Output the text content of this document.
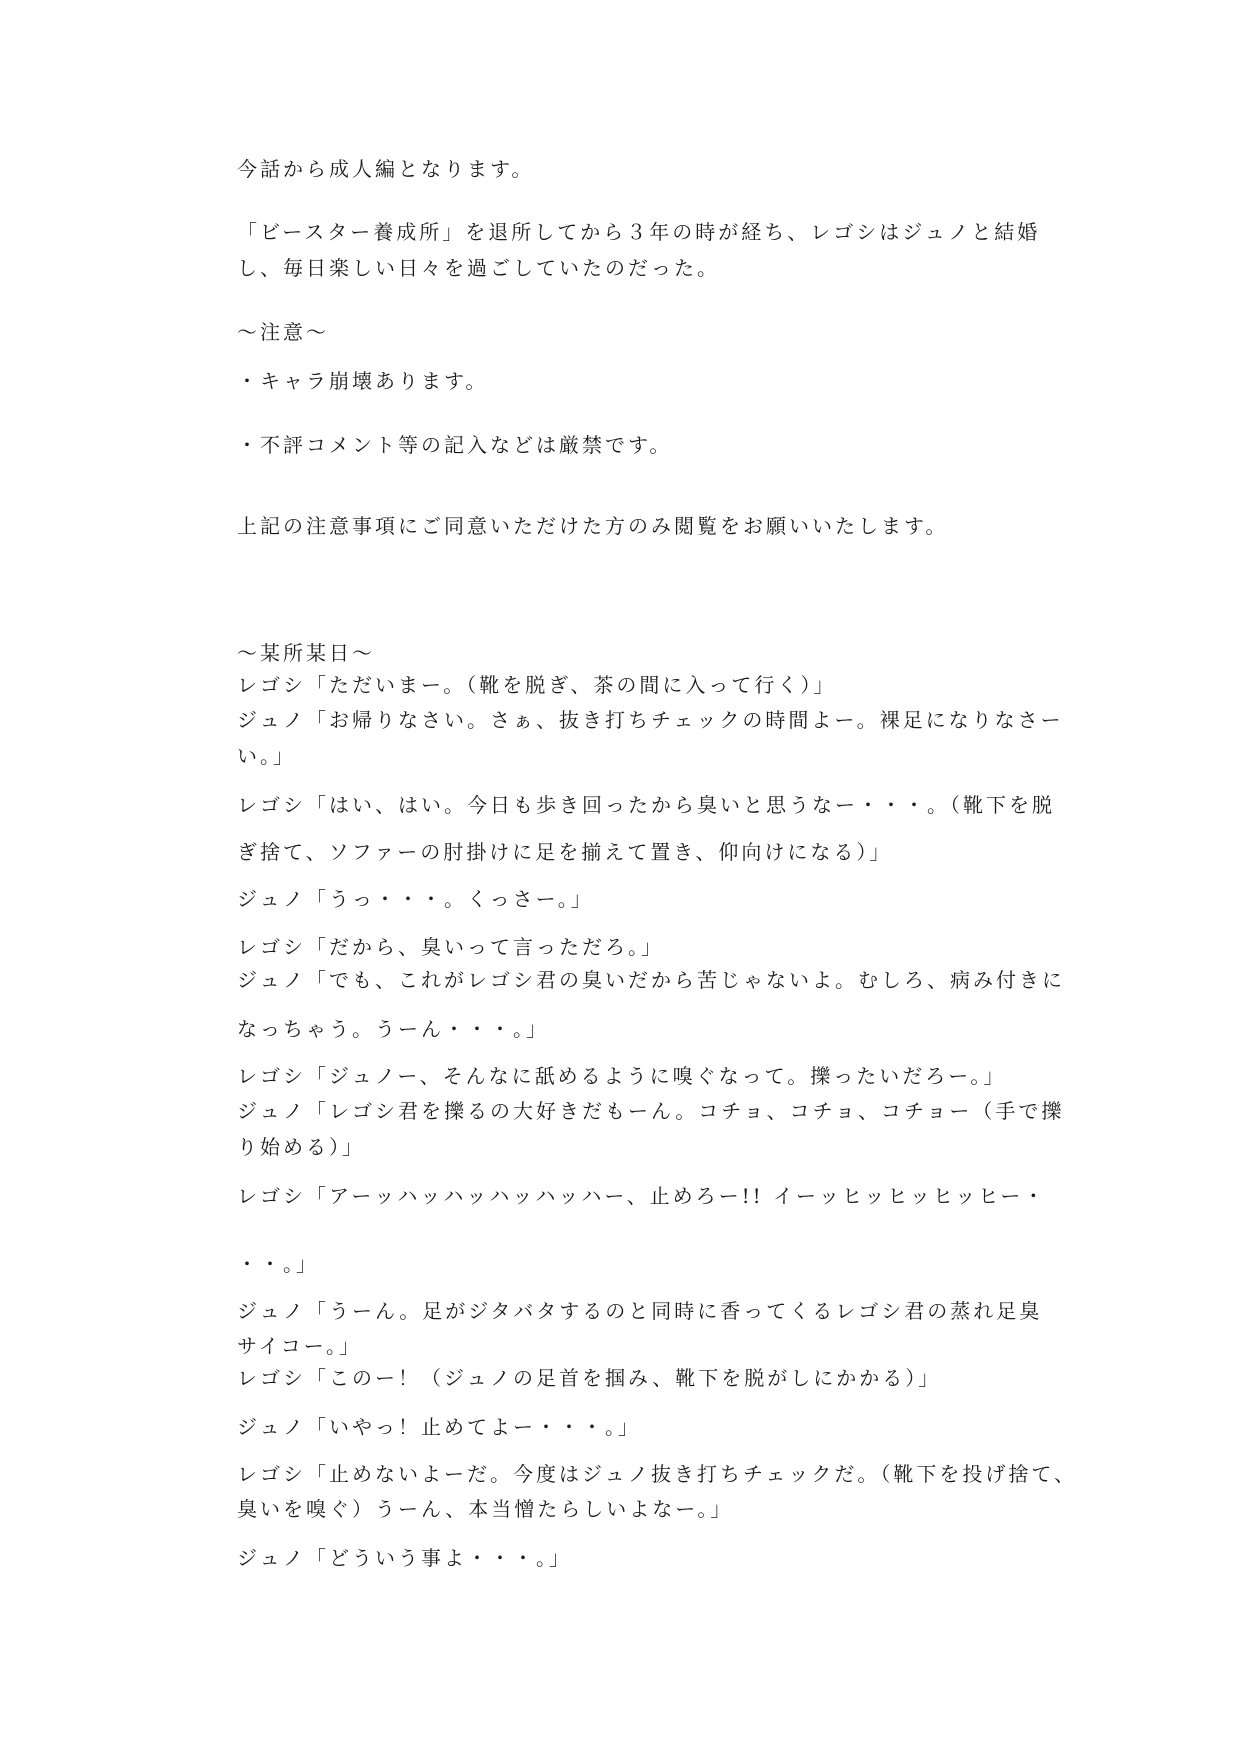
今話から成人編となります。
「ビースター養成所」を退所してから３年の時が経ち、レゴシはジュノと結婚
し、毎日楽しい日々を過ごしていたのだった。
～注意～
・キャラ崩壊あります。
・不評コメント等の記入などは厳禁です。
上記の注意事項にご同意いただけた方のみ閲覧をお願いいたします。
～某所某日～
レゴシ「ただいまー。（靴を脱ぎ、茶の間に入って行く）」
ジュノ「お帰りなさい。さぁ、抜き打ちチェックの時間よー。裸足になりなさー
い。」
レゴシ「はい、はい。今日も歩き回ったから臭いと思うなー・・・。（靴下を脱
ぎ捨て、ソファーの肘掛けに足を揃えて置き、仰向けになる）」
ジュノ「うっ・・・。くっさー。」
レゴシ「だから、臭いって言っただろ。」
ジュノ「でも、これがレゴシ君の臭いだから苦じゃないよ。むしろ、病み付きに
なっちゃう。うーん・・・。」
レゴシ「ジュノー、そんなに舐めるように嗅ぐなって。擽ったいだろー。」
ジュノ「レゴシ君を擽るの大好きだもーん。コチョ、コチョ、コチョー（手で擽
り始める）」
レゴシ「アーッハッハッハッハッハー、止めろー!! イーッヒッヒッヒッヒー・
・・。」
ジュノ「うーん。足がジタバタするのと同時に香ってくるレゴシ君の蒸れ足臭
サイコー。」
レゴシ「このー！（ジュノの足首を掴み、靴下を脱がしにかかる）」
ジュノ「いやっ！止めてよー・・・。」
レゴシ「止めないよーだ。今度はジュノ抜き打ちチェックだ。（靴下を投げ捨て、
臭いを嗅ぐ）うーん、本当憎たらしいよなー。」
ジュノ「どういう事よ・・・。」
